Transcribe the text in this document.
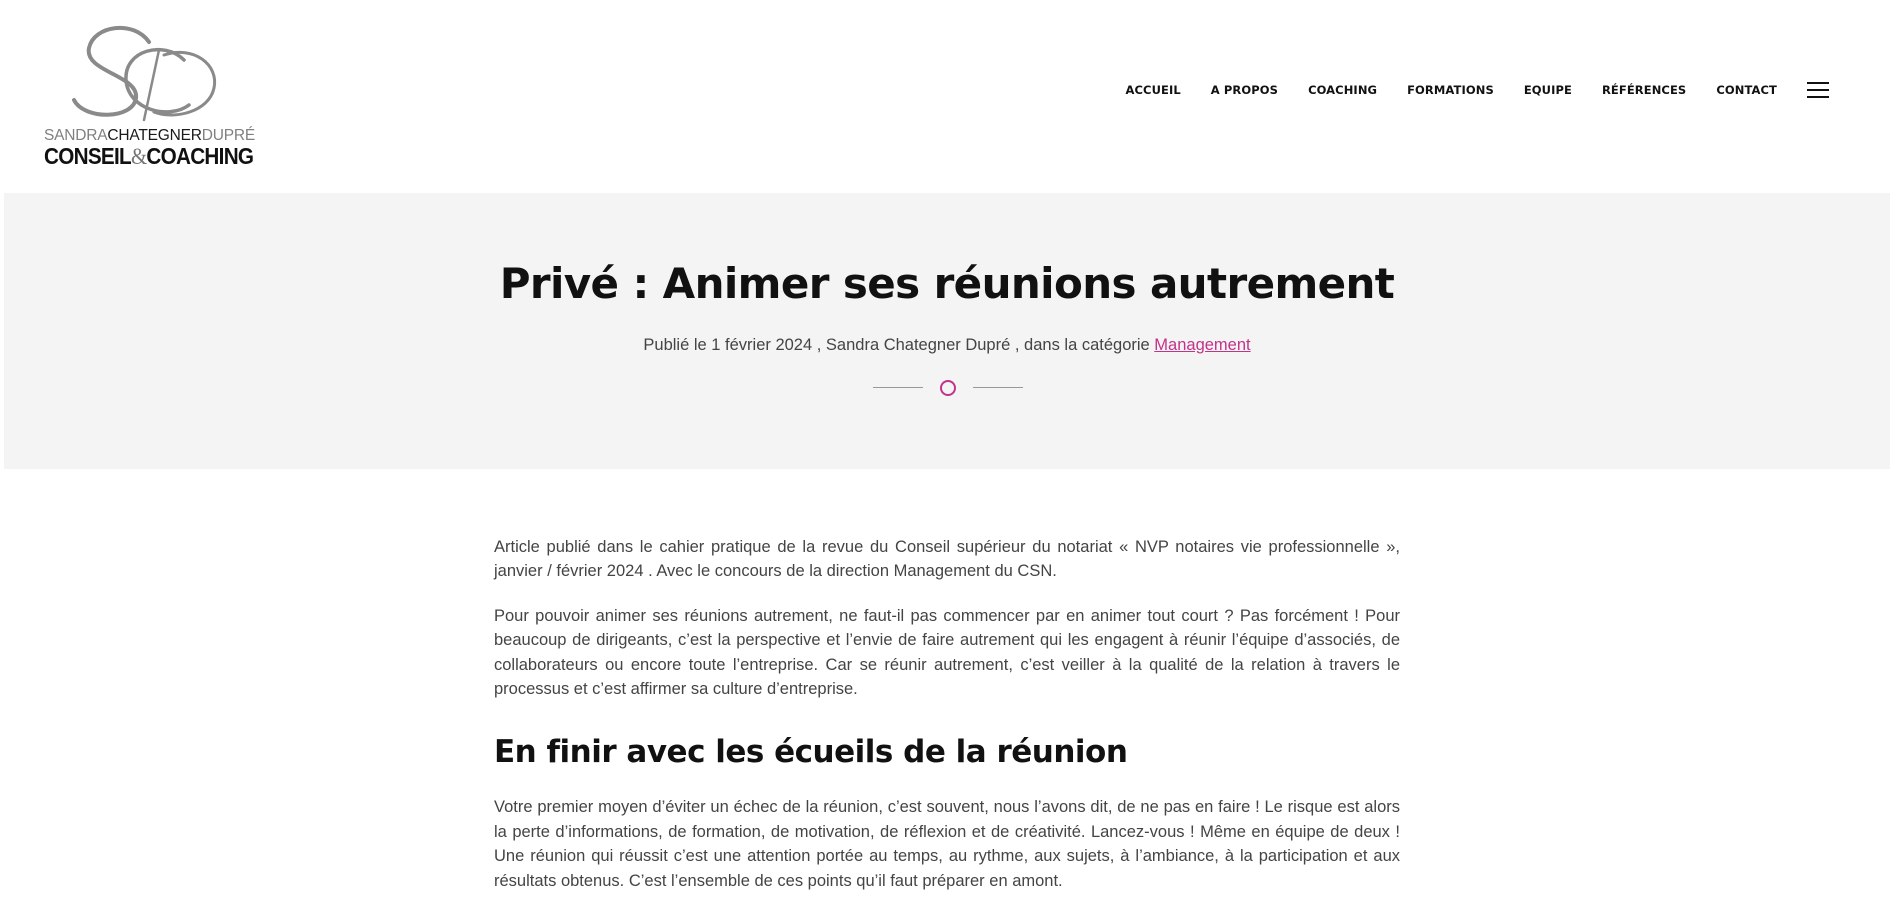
SANDRACHATEGNERDUPRÉ
CONSEIL&COACHING
ACCUEIL	A PROPOS	COACHING	FORMATIONS	EQUIPE	RÉFÉRENCES	CONTACT
Privé : Animer ses réunions autrement
Publié le 1 février 2024 , Sandra Chategner Dupré , dans la catégorie Management

Article publié dans le cahier pratique de la revue du Conseil supérieur du notariat « NVP notaires vie professionnelle », janvier / février 2024 . Avec le concours de la direction Management du CSN.

Pour pouvoir animer ses réunions autrement, ne faut-il pas commencer par en animer tout court ? Pas forcément ! Pour beaucoup de dirigeants, c’est la perspective et l’envie de faire autrement qui les engagent à réunir l’équipe d’associés, de collaborateurs ou encore toute l’entreprise. Car se réunir autrement, c’est veiller à la qualité de la relation à travers le processus et c’est affirmer sa culture d’entreprise.

En finir avec les écueils de la réunion

Votre premier moyen d’éviter un échec de la réunion, c’est souvent, nous l’avons dit, de ne pas en faire ! Le risque est alors la perte d’informations, de formation, de motivation, de réflexion et de créativité. Lancez-vous ! Même en équipe de deux ! Une réunion qui réussit c’est une attention portée au temps, au rythme, aux sujets, à l’ambiance, à la participation et aux résultats obtenus. C’est l’ensemble de ces points qu’il faut préparer en amont.
